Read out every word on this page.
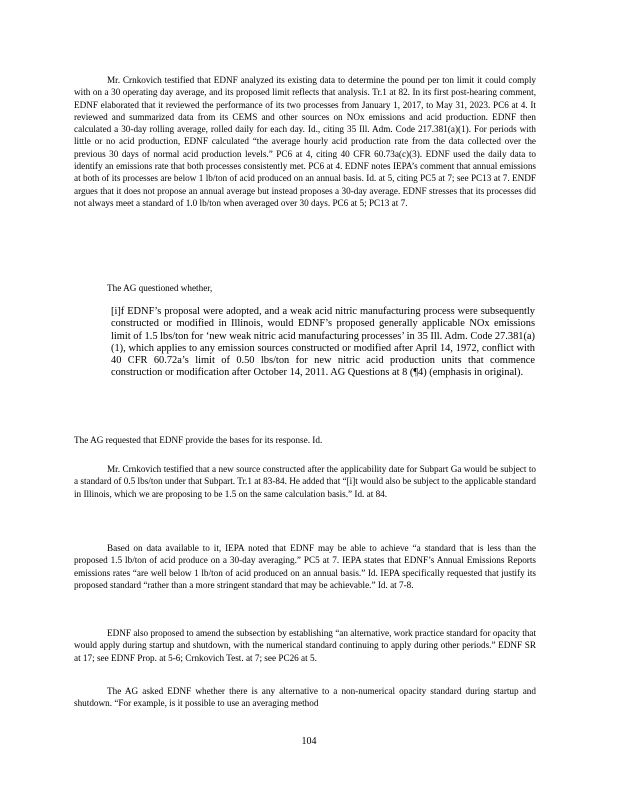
Mr. Crnkovich testified that EDNF analyzed its existing data to determine the pound per ton limit it could comply with on a 30 operating day average, and its proposed limit reflects that analysis. Tr.1 at 82. In its first post-hearing comment, EDNF elaborated that it reviewed the performance of its two processes from January 1, 2017, to May 31, 2023. PC6 at 4. It reviewed and summarized data from its CEMS and other sources on NOx emissions and acid production. EDNF then calculated a 30-day rolling average, rolled daily for each day. Id., citing 35 Ill. Adm. Code 217.381(a)(1). For periods with little or no acid production, EDNF calculated “the average hourly acid production rate from the data collected over the previous 30 days of normal acid production levels.” PC6 at 4, citing 40 CFR 60.73a(c)(3). EDNF used the daily data to identify an emissions rate that both processes consistently met. PC6 at 4. EDNF notes IEPA’s comment that annual emissions at both of its processes are below 1 lb/ton of acid produced on an annual basis. Id. at 5, citing PC5 at 7; see PC13 at 7. ENDF argues that it does not propose an annual average but instead proposes a 30-day average. EDNF stresses that its processes did not always meet a standard of 1.0 lb/ton when averaged over 30 days. PC6 at 5; PC13 at 7.

The AG questioned whether,

[i]f EDNF’s proposal were adopted, and a weak acid nitric manufacturing process were subsequently constructed or modified in Illinois, would EDNF’s proposed generally applicable NOx emissions limit of 1.5 lbs/ton for ‘new weak nitric acid manufacturing processes’ in 35 Ill. Adm. Code 27.381(a)(1), which applies to any emission sources constructed or modified after April 14, 1972, conflict with 40 CFR 60.72a’s limit of 0.50 lbs/ton for new nitric acid production units that commence construction or modification after October 14, 2011. AG Questions at 8 (¶4) (emphasis in original).

The AG requested that EDNF provide the bases for its response. Id.

Mr. Crnkovich testified that a new source constructed after the applicability date for Subpart Ga would be subject to a standard of 0.5 lbs/ton under that Subpart. Tr.1 at 83-84. He added that “[i]t would also be subject to the applicable standard in Illinois, which we are proposing to be 1.5 on the same calculation basis.” Id. at 84.

Based on data available to it, IEPA noted that EDNF may be able to achieve “a standard that is less than the proposed 1.5 lb/ton of acid produce on a 30-day averaging.” PC5 at 7. IEPA states that EDNF’s Annual Emissions Reports emissions rates “are well below 1 lb/ton of acid produced on an annual basis.” Id. IEPA specifically requested that justify its proposed standard “rather than a more stringent standard that may be achievable.” Id. at 7-8.

EDNF also proposed to amend the subsection by establishing “an alternative, work practice standard for opacity that would apply during startup and shutdown, with the numerical standard continuing to apply during other periods.” EDNF SR at 17; see EDNF Prop. at 5-6; Crnkovich Test. at 7; see PC26 at 5.

The AG asked EDNF whether there is any alternative to a non-numerical opacity standard during startup and shutdown. “For example, is it possible to use an averaging method

104
